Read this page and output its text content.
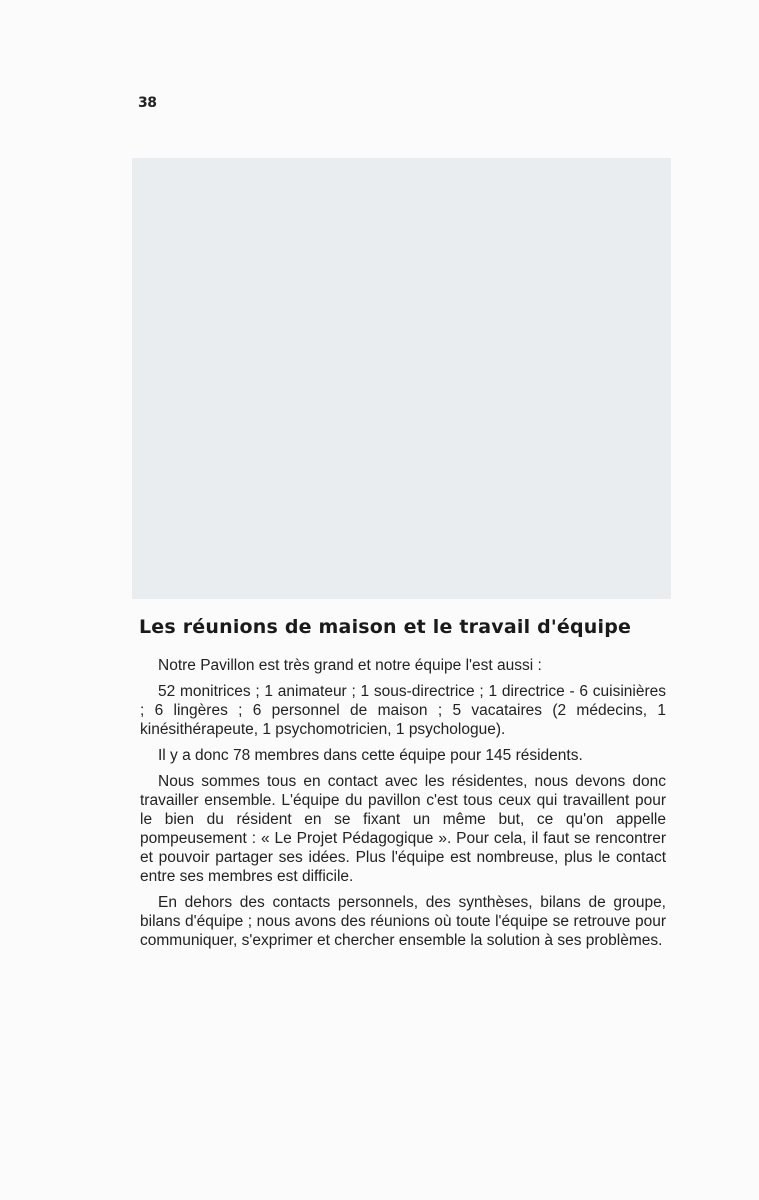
38
Les réunions de maison et le travail d'équipe

Notre Pavillon est très grand et notre équipe l'est aussi :

52 monitrices ; 1 animateur ; 1 sous-directrice ; 1 directrice - 6 cuisinières ; 6 lingères ; 6 personnel de maison ; 5 vacataires (2 médecins, 1 kinésithérapeute, 1 psychomotricien, 1 psychologue).

Il y a donc 78 membres dans cette équipe pour 145 résidents.

Nous sommes tous en contact avec les résidentes, nous devons donc travailler ensemble. L'équipe du pavillon c'est tous ceux qui travaillent pour le bien du résident en se fixant un même but, ce qu'on appelle pompeusement : « Le Projet Pédagogique ». Pour cela, il faut se rencontrer et pouvoir partager ses idées. Plus l'équipe est nombreuse, plus le contact entre ses membres est difficile.

En dehors des contacts personnels, des synthèses, bilans de groupe, bilans d'équipe ; nous avons des réunions où toute l'équipe se retrouve pour communiquer, s'exprimer et chercher ensemble la solution à ses problèmes.
